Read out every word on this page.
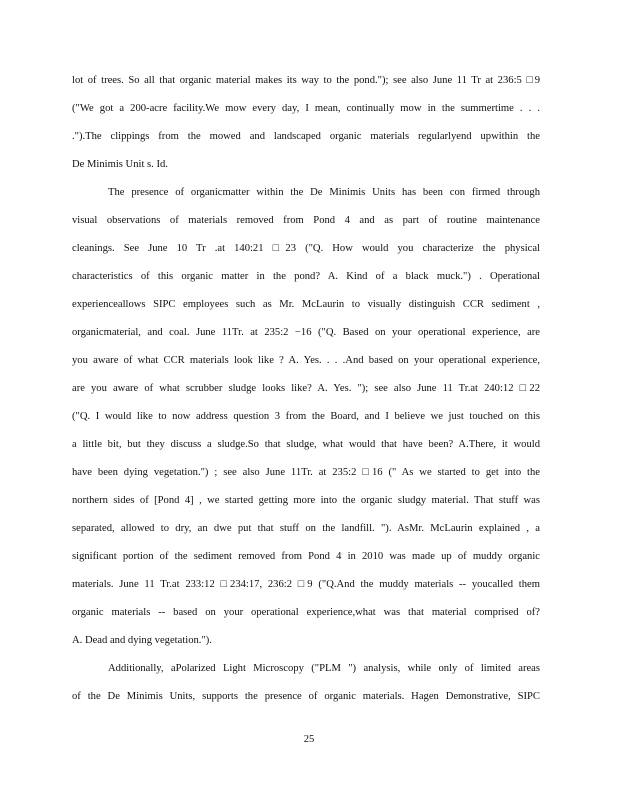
lot of trees. So all that organic material makes its way to the pond."); see also June 11 Tr at 236:5 □9
("We got a 200-acre facility.We mow every day, I mean, continually mow in the summertime . . .
.").The clippings from the mowed and landscaped organic materials regularlyend upwithin the
De Minimis Unit s. Id.
The presence of organicmatter within the De Minimis Units has been con firmed through
visual observations of materials removed from Pond 4 and as part of routine maintenance
cleanings. See June 10 Tr .at 140:21 □23 ("Q. How would you characterize the physical
characteristics of this organic matter in the pond? A. Kind of a black muck.") . Operational
experienceallows SIPC employees such as Mr. McLaurin to visually distinguish CCR sediment ,
organicmaterial, and coal. June 11Tr. at 235:2 −16 ("Q. Based on your operational experience, are
you aware of what CCR materials look like ? A. Yes. . . .And based on your operational experience,
are you aware of what scrubber sludge looks like? A. Yes. "); see also June 11 Tr.at 240:12 □22
("Q. I would like to now address question 3 from the Board, and I believe we just touched on this
a little bit, but they discuss a sludge.So that sludge, what would that have been? A.There, it would
have been dying vegetation.") ; see also June 11Tr. at 235:2 □16 (" As we started to get into the
northern sides of [Pond 4] , we started getting more into the organic sludgy material. That stuff was
separated, allowed to dry, an dwe put that stuff on the landfill. "). AsMr. McLaurin explained , a
significant portion of the sediment removed from Pond 4 in 2010 was made up of muddy organic
materials. June 11 Tr.at 233:12 □234:17, 236:2 □9 ("Q.And the muddy materials -- youcalled them
organic materials -- based on your operational experience,what was that material comprised of?
A. Dead and dying vegetation.").
Additionally, aPolarized Light Microscopy ("PLM ") analysis, while only of limited areas
of the De Minimis Units, supports the presence of organic materials. Hagen Demonstrative, SIPC
25
